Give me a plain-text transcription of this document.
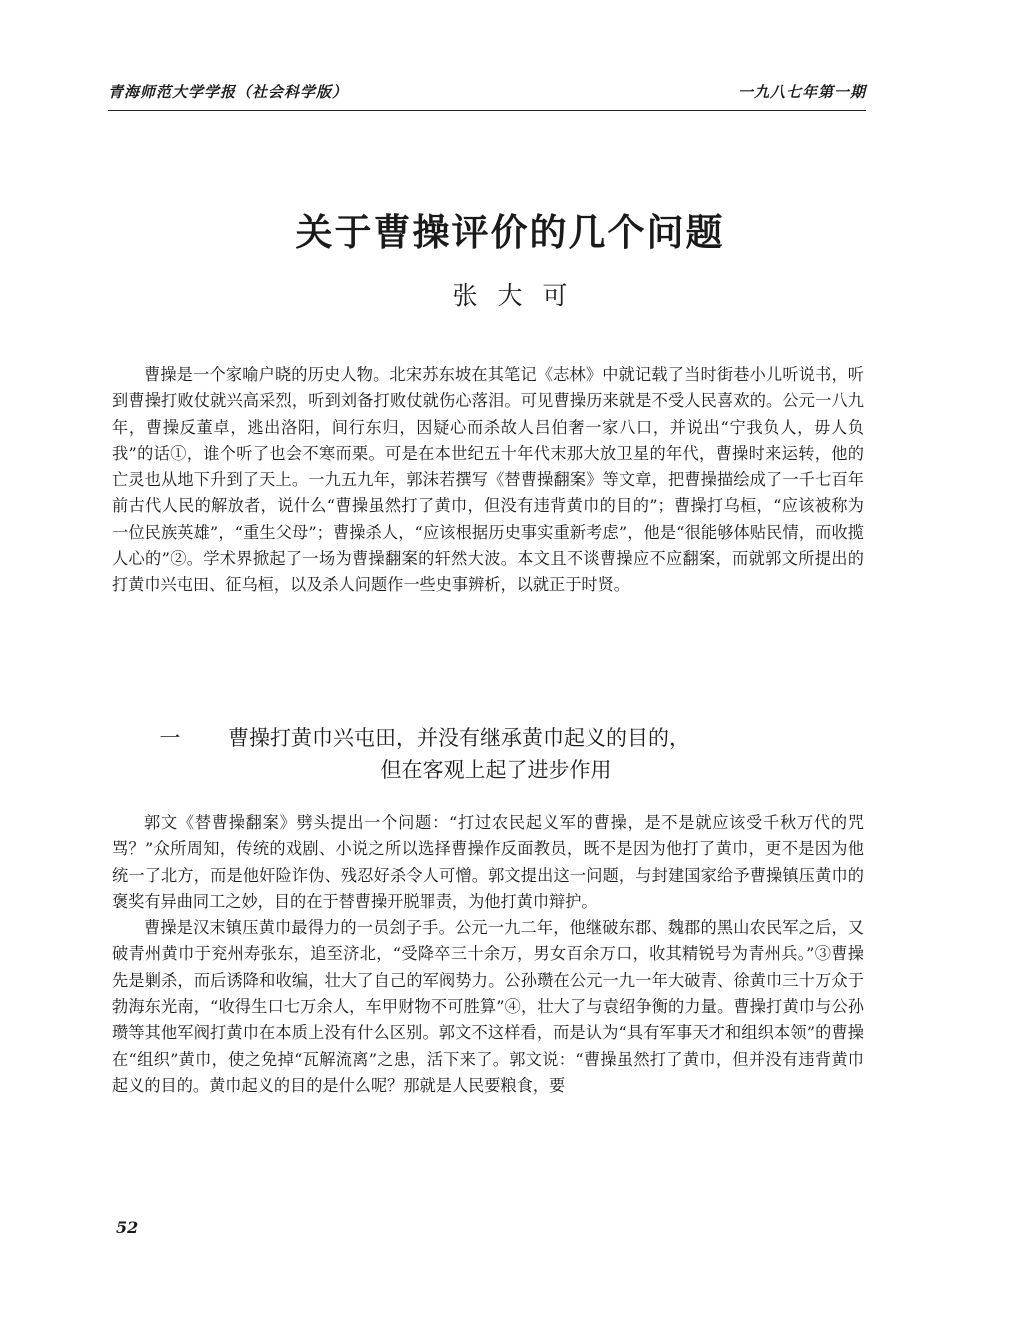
青海师范大学学报（社会科学版）	一九八七年第一期
关于曹操评价的几个问题
张大可

曹操是一个家喻户晓的历史人物。北宋苏东坡在其笔记《志林》中就记载了当时街巷小儿听说书，听到曹操打败仗就兴高采烈，听到刘备打败仗就伤心落泪。可见曹操历来就是不受人民喜欢的。公元一八九年，曹操反董卓，逃出洛阳，间行东归，因疑心而杀故人吕伯奢一家八口，并说出“宁我负人，毋人负我”的话①，谁个听了也会不寒而栗。可是在本世纪五十年代末那大放卫星的年代，曹操时来运转，他的亡灵也从地下升到了天上。一九五九年，郭沫若撰写《替曹操翻案》等文章，把曹操描绘成了一千七百年前古代人民的解放者，说什么“曹操虽然打了黄巾，但没有违背黄巾的目的”；曹操打乌桓，“应该被称为一位民族英雄”，“重生父母”；曹操杀人，“应该根据历史事实重新考虑”，他是“很能够体贴民情，而收揽人心的”②。学术界掀起了一场为曹操翻案的轩然大波。本文且不谈曹操应不应翻案，而就郭文所提出的打黄巾兴屯田、征乌桓，以及杀人问题作一些史事辨析，以就正于时贤。

一	曹操打黄巾兴屯田，并没有继承黄巾起义的目的，
但在客观上起了进步作用

郭文《替曹操翻案》劈头提出一个问题：“打过农民起义军的曹操，是不是就应该受千秋万代的咒骂？”众所周知，传统的戏剧、小说之所以选择曹操作反面教员，既不是因为他打了黄巾，更不是因为他统一了北方，而是他奸险诈伪、残忍好杀令人可憎。郭文提出这一问题，与封建国家给予曹操镇压黄巾的褒奖有异曲同工之妙，目的在于替曹操开脱罪责，为他打黄巾辩护。

曹操是汉末镇压黄巾最得力的一员刽子手。公元一九二年，他继破东郡、魏郡的黑山农民军之后，又破青州黄巾于兖州寿张东，追至济北，“受降卒三十余万，男女百余万口，收其精锐号为青州兵。”③曹操先是剿杀，而后诱降和收编，壮大了自己的军阀势力。公孙瓒在公元一九一年大破青、徐黄巾三十万众于勃海东光南，“收得生口七万余人，车甲财物不可胜算”④，壮大了与袁绍争衡的力量。曹操打黄巾与公孙瓒等其他军阀打黄巾在本质上没有什么区别。郭文不这样看，而是认为“具有军事天才和组织本领”的曹操在“组织”黄巾，使之免掉“瓦解流离”之患，活下来了。郭文说：“曹操虽然打了黄巾，但并没有违背黄巾起义的目的。黄巾起义的目的是什么呢？那就是人民要粮食，要

52
